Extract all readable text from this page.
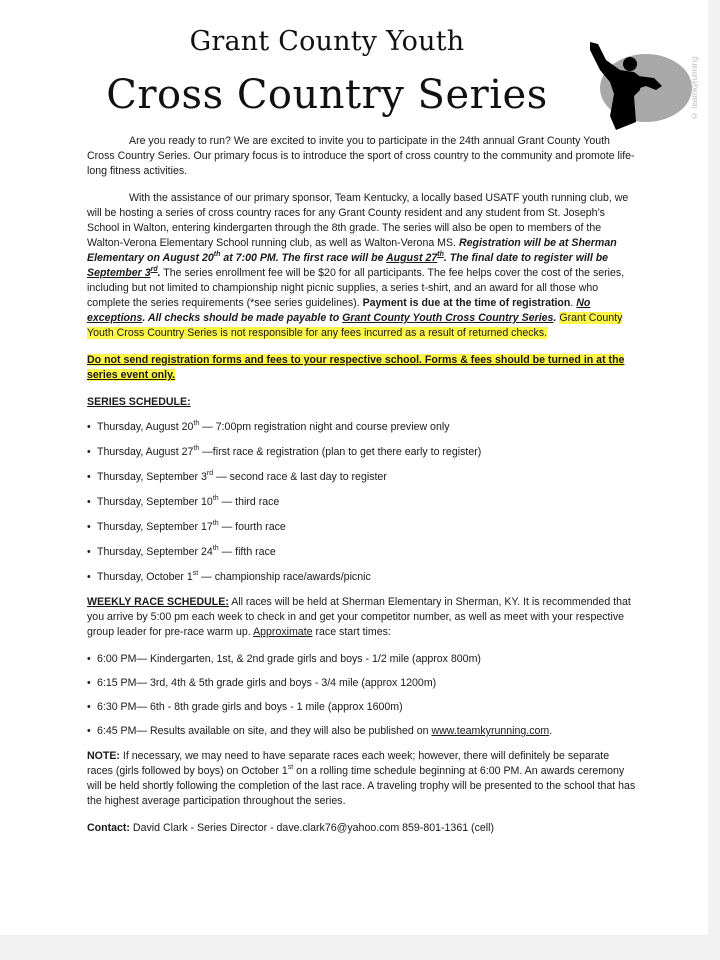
Grant County Youth
Cross Country Series	© teamkyrunning

Are you ready to run? We are excited to invite you to participate in the 24th annual Grant County Youth Cross Country Series. Our primary focus is to introduce the sport of cross country to the community and promote life-long fitness activities.

With the assistance of our primary sponsor, Team Kentucky, a locally based USATF youth running club, we will be hosting a series of cross country races for any Grant County resident and any student from St. Joseph’s School in Walton, entering kindergarten through the 8th grade. The series will also be open to members of the Walton-Verona Elementary School running club, as well as Walton-Verona MS. Registration will be at Sherman Elementary on August 20th at 7:00 PM. The first race will be August 27th. The final date to register will be September 3rd. The series enrollment fee will be $20 for all participants. The fee helps cover the cost of the series, including but not limited to championship night picnic supplies, a series t-shirt, and an award for all those who complete the series requirements (*see series guidelines). Payment is due at the time of registration. No exceptions. All checks should be made payable to Grant County Youth Cross Country Series. Grant County Youth Cross Country Series is not responsible for any fees incurred as a result of returned checks.

Do not send registration forms and fees to your respective school. Forms & fees should be turned in at the series event only.

SERIES SCHEDULE:
• Thursday, August 20th — 7:00pm registration night and course preview only
• Thursday, August 27th —first race & registration (plan to get there early to register)
• Thursday, September 3rd — second race & last day to register
• Thursday, September 10th — third race
• Thursday, September 17th — fourth race
• Thursday, September 24th — fifth race
• Thursday, October 1st — championship race/awards/picnic

WEEKLY RACE SCHEDULE: All races will be held at Sherman Elementary in Sherman, KY. It is recommended that you arrive by 5:00 pm each week to check in and get your competitor number, as well as meet with your respective group leader for pre-race warm up. Approximate race start times:

• 6:00 PM— Kindergarten, 1st, & 2nd grade girls and boys - 1/2 mile (approx 800m)
• 6:15 PM— 3rd, 4th & 5th grade girls and boys - 3/4 mile (approx 1200m)
• 6:30 PM— 6th - 8th grade girls and boys - 1 mile (approx 1600m)
• 6:45 PM— Results available on site, and they will also be published on www.teamkyrunning.com.

NOTE: If necessary, we may need to have separate races each week; however, there will definitely be separate races (girls followed by boys) on October 1st on a rolling time schedule beginning at 6:00 PM. An awards ceremony will be held shortly following the completion of the last race. A traveling trophy will be presented to the school that has the highest average participation throughout the series.

Contact: David Clark - Series Director - dave.clark76@yahoo.com 859-801-1361 (cell)
